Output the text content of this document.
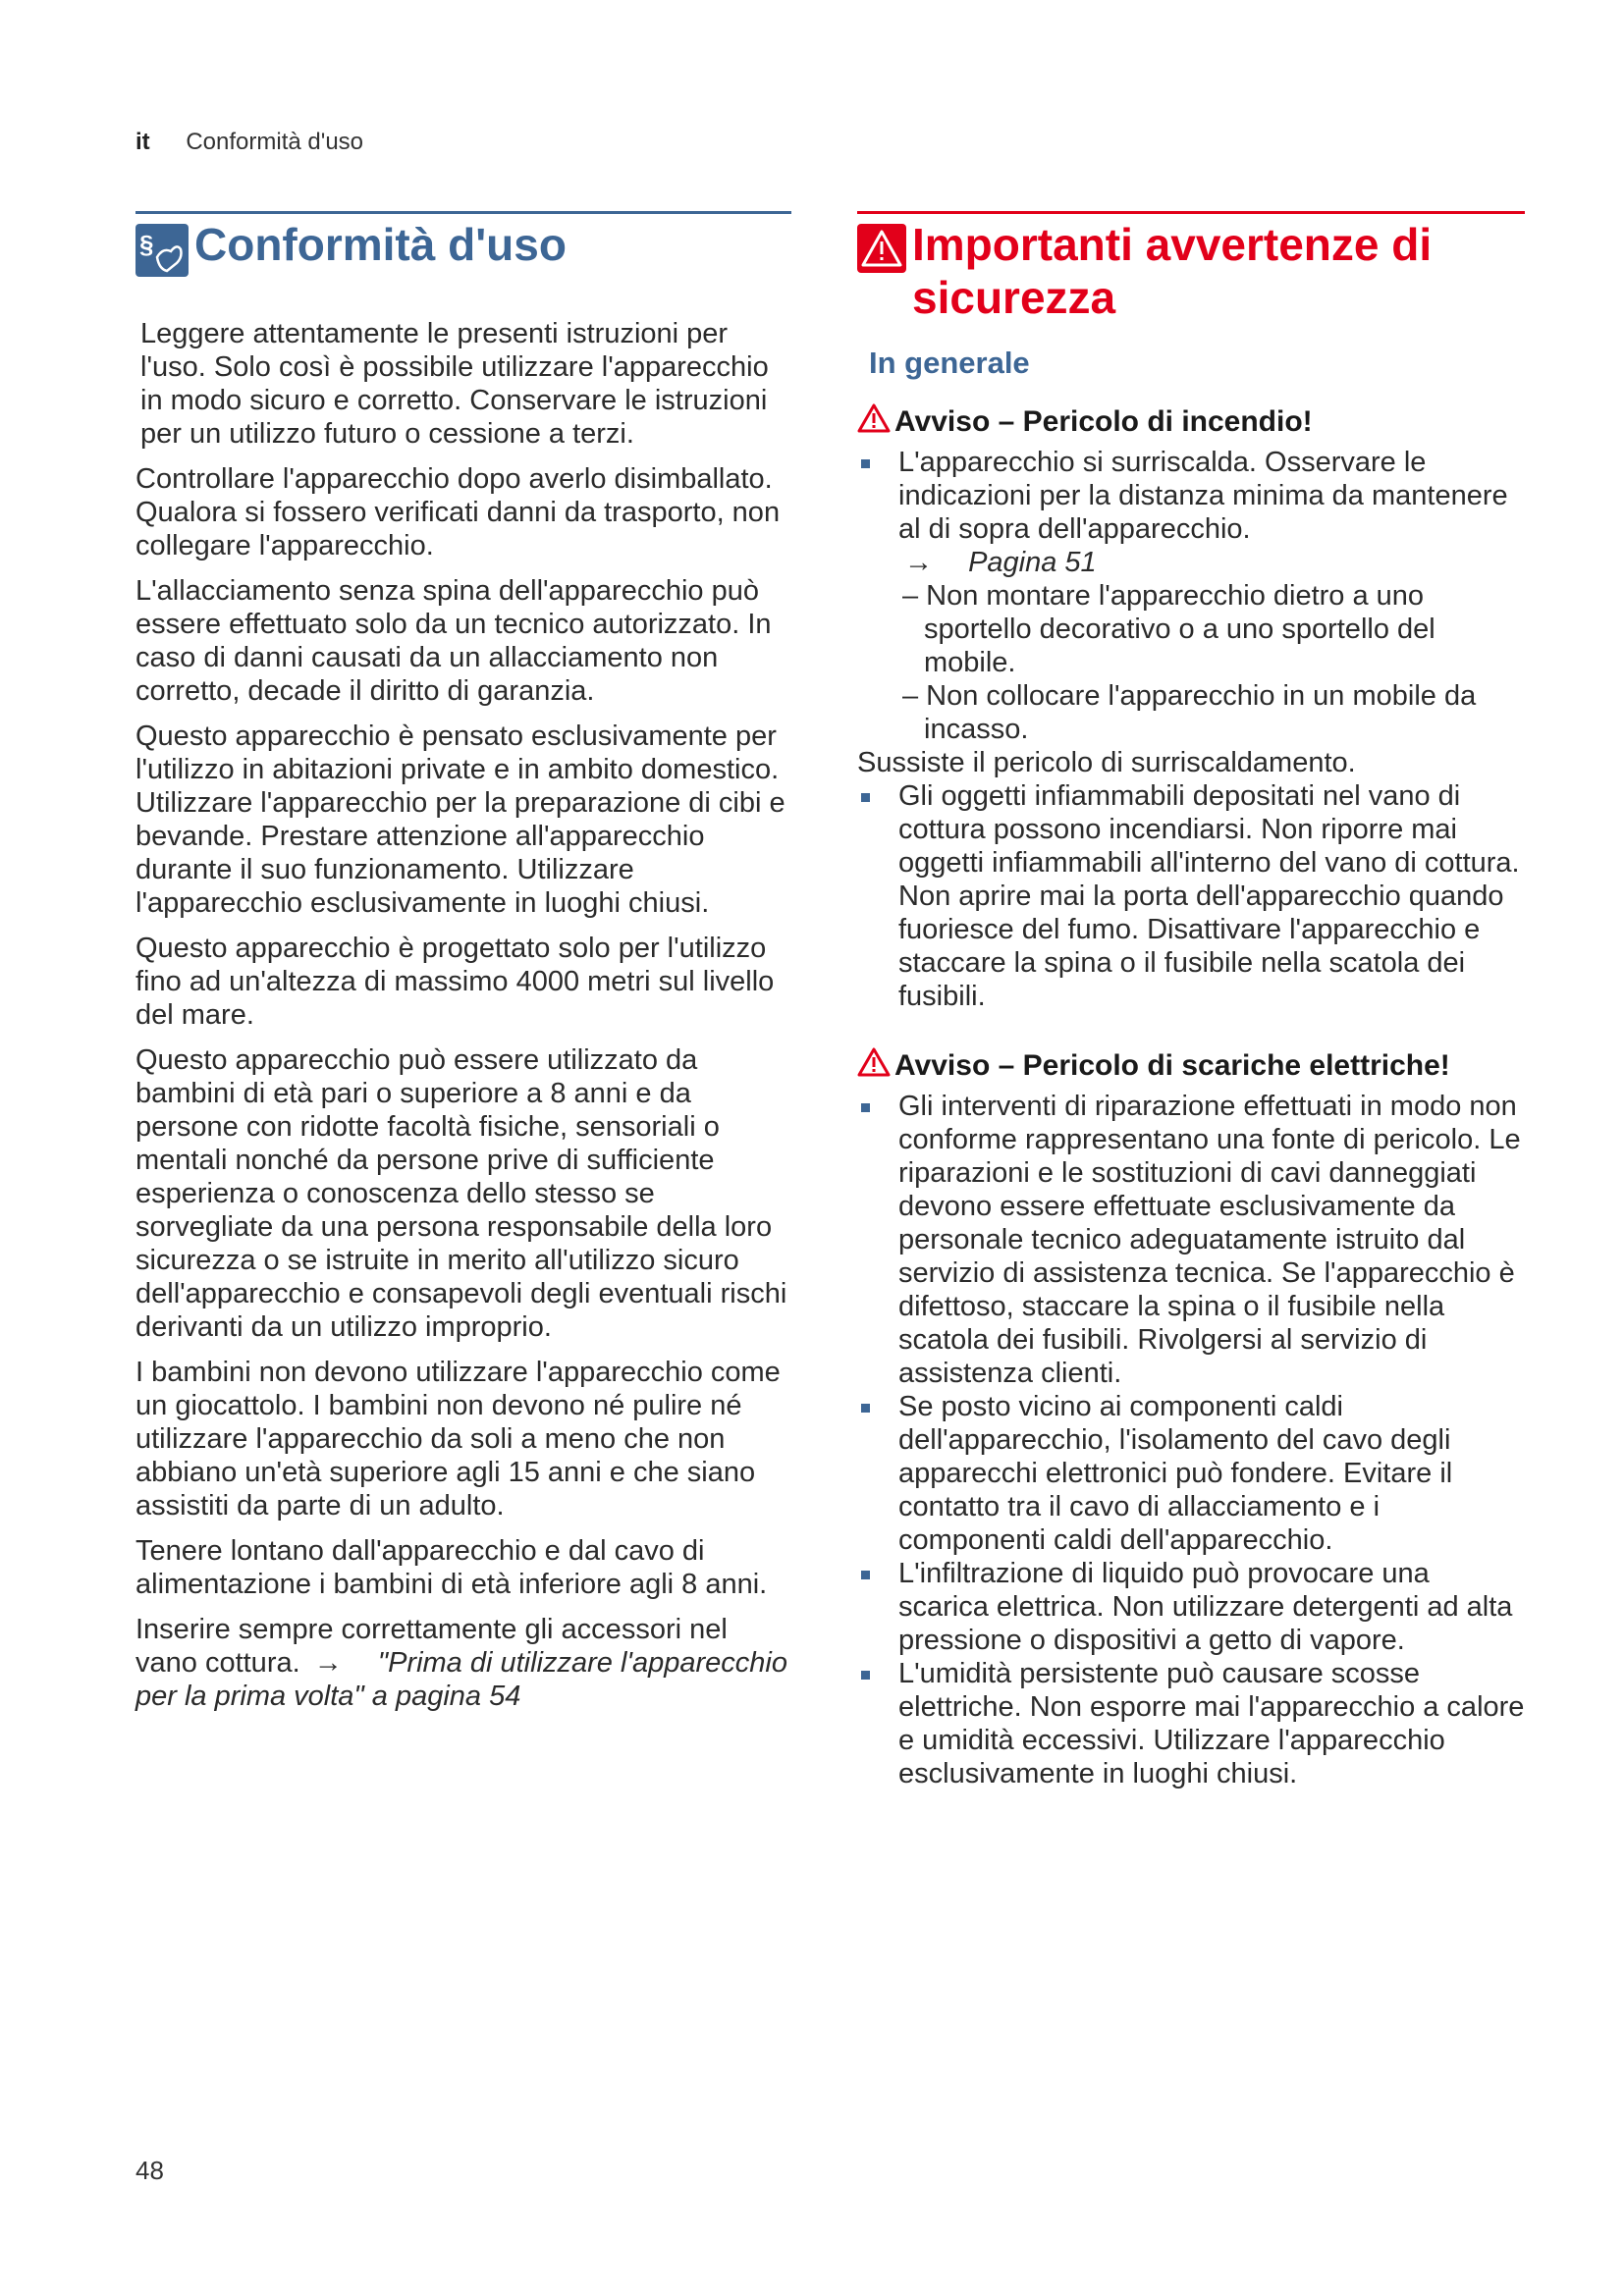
it Conformità d'uso
§ Conformità d'uso

Leggere attentamente le presenti istruzioni per l'uso. Solo così è possibile utilizzare l'apparecchio in modo sicuro e corretto. Conservare le istruzioni per un utilizzo futuro o cessione a terzi.

Controllare l'apparecchio dopo averlo disimballato. Qualora si fossero verificati danni da trasporto, non collegare l'apparecchio.

L'allacciamento senza spina dell'apparecchio può essere effettuato solo da un tecnico autorizzato. In caso di danni causati da un allacciamento non corretto, decade il diritto di garanzia.

Questo apparecchio è pensato esclusivamente per l'utilizzo in abitazioni private e in ambito domestico. Utilizzare l'apparecchio per la preparazione di cibi e bevande. Prestare attenzione all'apparecchio durante il suo funzionamento. Utilizzare l'apparecchio esclusivamente in luoghi chiusi.

Questo apparecchio è progettato solo per l'utilizzo fino ad un'altezza di massimo 4000 metri sul livello del mare.

Questo apparecchio può essere utilizzato da bambini di età pari o superiore a 8 anni e da persone con ridotte facoltà fisiche, sensoriali o mentali nonché da persone prive di sufficiente esperienza o conoscenza dello stesso se sorvegliate da una persona responsabile della loro sicurezza o se istruite in merito all'utilizzo sicuro dell'apparecchio e consapevoli degli eventuali rischi derivanti da un utilizzo improprio.

I bambini non devono utilizzare l'apparecchio come un giocattolo. I bambini non devono né pulire né utilizzare l'apparecchio da soli a meno che non abbiano un'età superiore agli 15 anni e che siano assistiti da parte di un adulto.

Tenere lontano dall'apparecchio e dal cavo di alimentazione i bambini di età inferiore agli 8 anni.

Inserire sempre correttamente gli accessori nel vano cottura. → "Prima di utilizzare l'apparecchio per la prima volta" a pagina 54

Importanti avvertenze di sicurezza
In generale
Avviso – Pericolo di incendio!
L'apparecchio si surriscalda. Osservare le indicazioni per la distanza minima da mantenere al di sopra dell'apparecchio.
→ Pagina 51
– Non montare l'apparecchio dietro a uno sportello decorativo o a uno sportello del mobile.
– Non collocare l'apparecchio in un mobile da incasso.
Sussiste il pericolo di surriscaldamento.
Gli oggetti infiammabili depositati nel vano di cottura possono incendiarsi. Non riporre mai oggetti infiammabili all'interno del vano di cottura. Non aprire mai la porta dell'apparecchio quando fuoriesce del fumo. Disattivare l'apparecchio e staccare la spina o il fusibile nella scatola dei fusibili.
Avviso – Pericolo di scariche elettriche!
Gli interventi di riparazione effettuati in modo non conforme rappresentano una fonte di pericolo. Le riparazioni e le sostituzioni di cavi danneggiati devono essere effettuate esclusivamente da personale tecnico adeguatamente istruito dal servizio di assistenza tecnica. Se l'apparecchio è difettoso, staccare la spina o il fusibile nella scatola dei fusibili. Rivolgersi al servizio di assistenza clienti.
Se posto vicino ai componenti caldi dell'apparecchio, l'isolamento del cavo degli apparecchi elettronici può fondere. Evitare il contatto tra il cavo di allacciamento e i componenti caldi dell'apparecchio.
L'infiltrazione di liquido può provocare una scarica elettrica. Non utilizzare detergenti ad alta pressione o dispositivi a getto di vapore.
L'umidità persistente può causare scosse elettriche. Non esporre mai l'apparecchio a calore e umidità eccessivi. Utilizzare l'apparecchio esclusivamente in luoghi chiusi.
48
